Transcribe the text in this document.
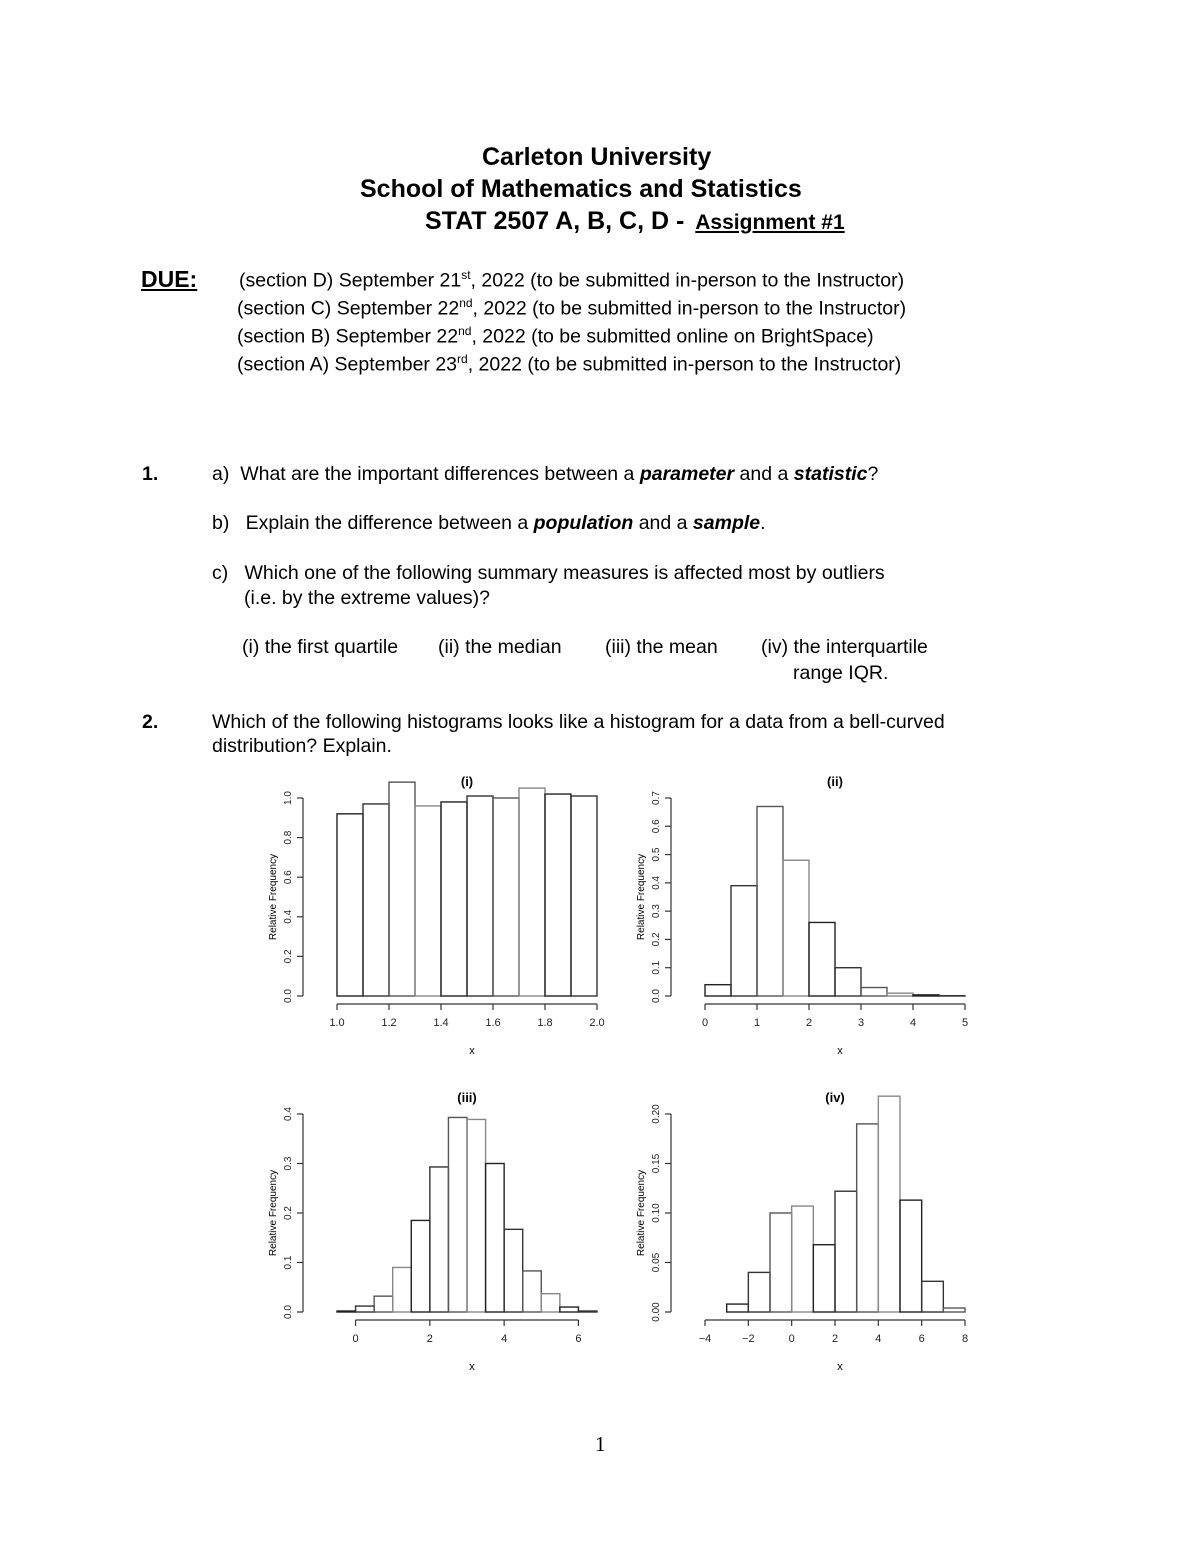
Carleton University
School of Mathematics and Statistics
STAT 2507 A, B, C, D - Assignment #1
DUE: (section D) September 21st, 2022 (to be submitted in-person to the Instructor)
(section C) September 22nd, 2022 (to be submitted in-person to the Instructor)
(section B) September 22nd, 2022 (to be submitted online on BrightSpace)
(section A) September 23rd, 2022 (to be submitted in-person to the Instructor)
1.	a) What are the important differences between a parameter and a statistic?
b) Explain the difference between a population and a sample.
c) Which one of the following summary measures is affected most by outliers
(i.e. by the extreme values)?
(i) the first quartile (ii) the median (iii) the mean (iv) the interquartile
range IQR.
2.	Which of the following histograms looks like a histogram for a data from a bell-curved
distribution? Explain.
(i)
1.0	1.2	1.4	1.6	1.8	2.0
x
0.0
0.2
0.4
0.6
0.8
1.0
Relative Frequency
(ii)
0	1	2	3	4	5
x
0.0
0.1
0.2
0.3
0.4
0.5
0.6
0.7
Relative Frequency
(iii)
0	2	4	6
x
0.0
0.1
0.2
0.3
0.4
Relative Frequency
(iv)
−4	−2	0	2	4	6	8
x
0.00
0.05
0.10
0.15
0.20
Relative Frequency
1
